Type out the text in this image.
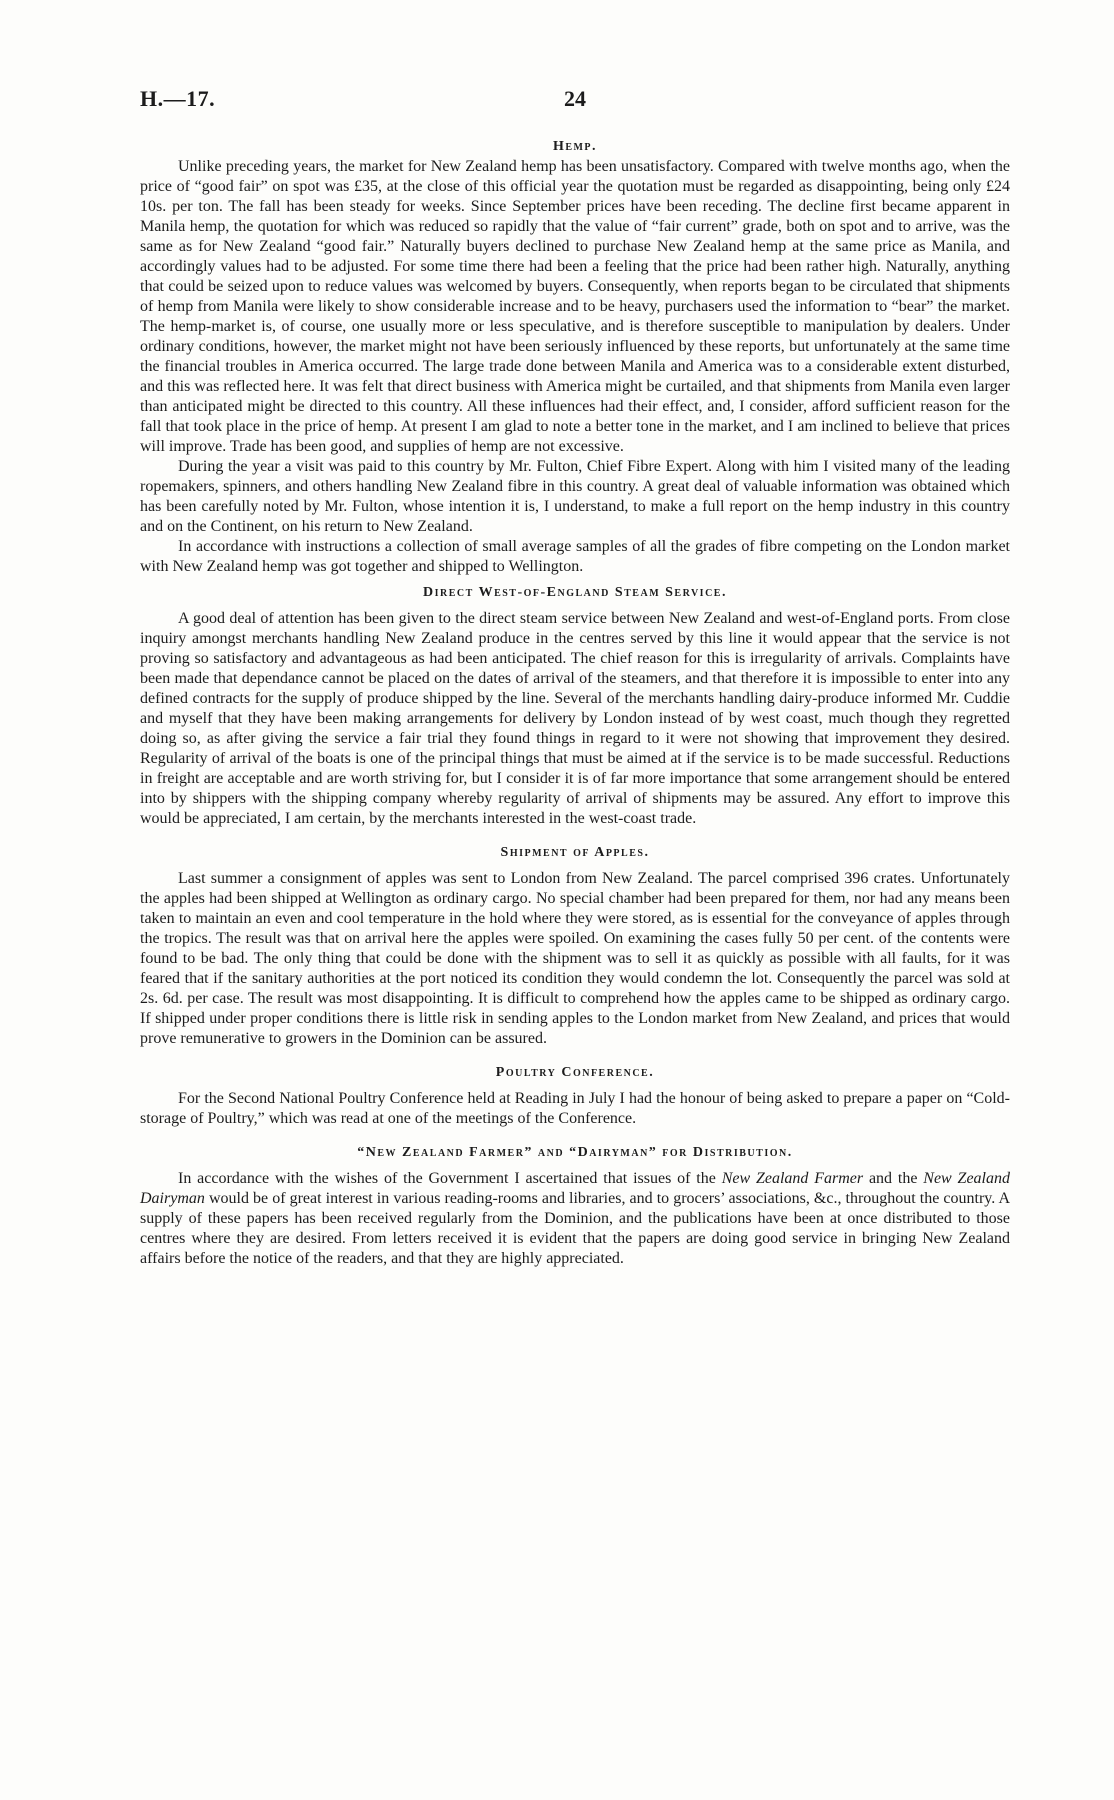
H.—17.	24
Hemp.

Unlike preceding years, the market for New Zealand hemp has been unsatisfactory. Compared with twelve months ago, when the price of “good fair” on spot was £35, at the close of this official year the quotation must be regarded as disappointing, being only £24 10s. per ton. The fall has been steady for weeks. Since September prices have been receding. The decline first became apparent in Manila hemp, the quotation for which was reduced so rapidly that the value of “fair current” grade, both on spot and to arrive, was the same as for New Zealand “good fair.” Naturally buyers declined to purchase New Zealand hemp at the same price as Manila, and accordingly values had to be adjusted. For some time there had been a feeling that the price had been rather high. Naturally, anything that could be seized upon to reduce values was welcomed by buyers. Consequently, when reports began to be circulated that shipments of hemp from Manila were likely to show considerable increase and to be heavy, purchasers used the information to “bear” the market. The hemp-market is, of course, one usually more or less speculative, and is therefore susceptible to manipulation by dealers. Under ordinary conditions, however, the market might not have been seriously influenced by these reports, but unfortunately at the same time the financial troubles in America occurred. The large trade done between Manila and America was to a considerable extent disturbed, and this was reflected here. It was felt that direct business with America might be curtailed, and that shipments from Manila even larger than anticipated might be directed to this country. All these influences had their effect, and, I consider, afford sufficient reason for the fall that took place in the price of hemp. At present I am glad to note a better tone in the market, and I am inclined to believe that prices will improve. Trade has been good, and supplies of hemp are not excessive.

During the year a visit was paid to this country by Mr. Fulton, Chief Fibre Expert. Along with him I visited many of the leading ropemakers, spinners, and others handling New Zealand fibre in this country. A great deal of valuable information was obtained which has been carefully noted by Mr. Fulton, whose intention it is, I understand, to make a full report on the hemp industry in this country and on the Continent, on his return to New Zealand.

In accordance with instructions a collection of small average samples of all the grades of fibre competing on the London market with New Zealand hemp was got together and shipped to Wellington.

Direct West-of-England Steam Service.

A good deal of attention has been given to the direct steam service between New Zealand and west-of-England ports. From close inquiry amongst merchants handling New Zealand produce in the centres served by this line it would appear that the service is not proving so satisfactory and advantageous as had been anticipated. The chief reason for this is irregularity of arrivals. Complaints have been made that dependance cannot be placed on the dates of arrival of the steamers, and that therefore it is impossible to enter into any defined contracts for the supply of produce shipped by the line. Several of the merchants handling dairy-produce informed Mr. Cuddie and myself that they have been making arrangements for delivery by London instead of by west coast, much though they regretted doing so, as after giving the service a fair trial they found things in regard to it were not showing that improvement they desired. Regularity of arrival of the boats is one of the principal things that must be aimed at if the service is to be made successful. Reductions in freight are acceptable and are worth striving for, but I consider it is of far more importance that some arrangement should be entered into by shippers with the shipping company whereby regularity of arrival of shipments may be assured. Any effort to improve this would be appreciated, I am certain, by the merchants interested in the west-coast trade.

Shipment of Apples.

Last summer a consignment of apples was sent to London from New Zealand. The parcel comprised 396 crates. Unfortunately the apples had been shipped at Wellington as ordinary cargo. No special chamber had been prepared for them, nor had any means been taken to maintain an even and cool temperature in the hold where they were stored, as is essential for the conveyance of apples through the tropics. The result was that on arrival here the apples were spoiled. On examining the cases fully 50 per cent. of the contents were found to be bad. The only thing that could be done with the shipment was to sell it as quickly as possible with all faults, for it was feared that if the sanitary authorities at the port noticed its condition they would condemn the lot. Consequently the parcel was sold at 2s. 6d. per case. The result was most disappointing. It is difficult to comprehend how the apples came to be shipped as ordinary cargo. If shipped under proper conditions there is little risk in sending apples to the London market from New Zealand, and prices that would prove remunerative to growers in the Dominion can be assured.

Poultry Conference.

For the Second National Poultry Conference held at Reading in July I had the honour of being asked to prepare a paper on “Cold-storage of Poultry,” which was read at one of the meetings of the Conference.

“New Zealand Farmer” and “Dairyman” for Distribution.

In accordance with the wishes of the Government I ascertained that issues of the New Zealand Farmer and the New Zealand Dairyman would be of great interest in various reading-rooms and libraries, and to grocers’ associations, &c., throughout the country. A supply of these papers has been received regularly from the Dominion, and the publications have been at once distributed to those centres where they are desired. From letters received it is evident that the papers are doing good service in bringing New Zealand affairs before the notice of the readers, and that they are highly appreciated.
